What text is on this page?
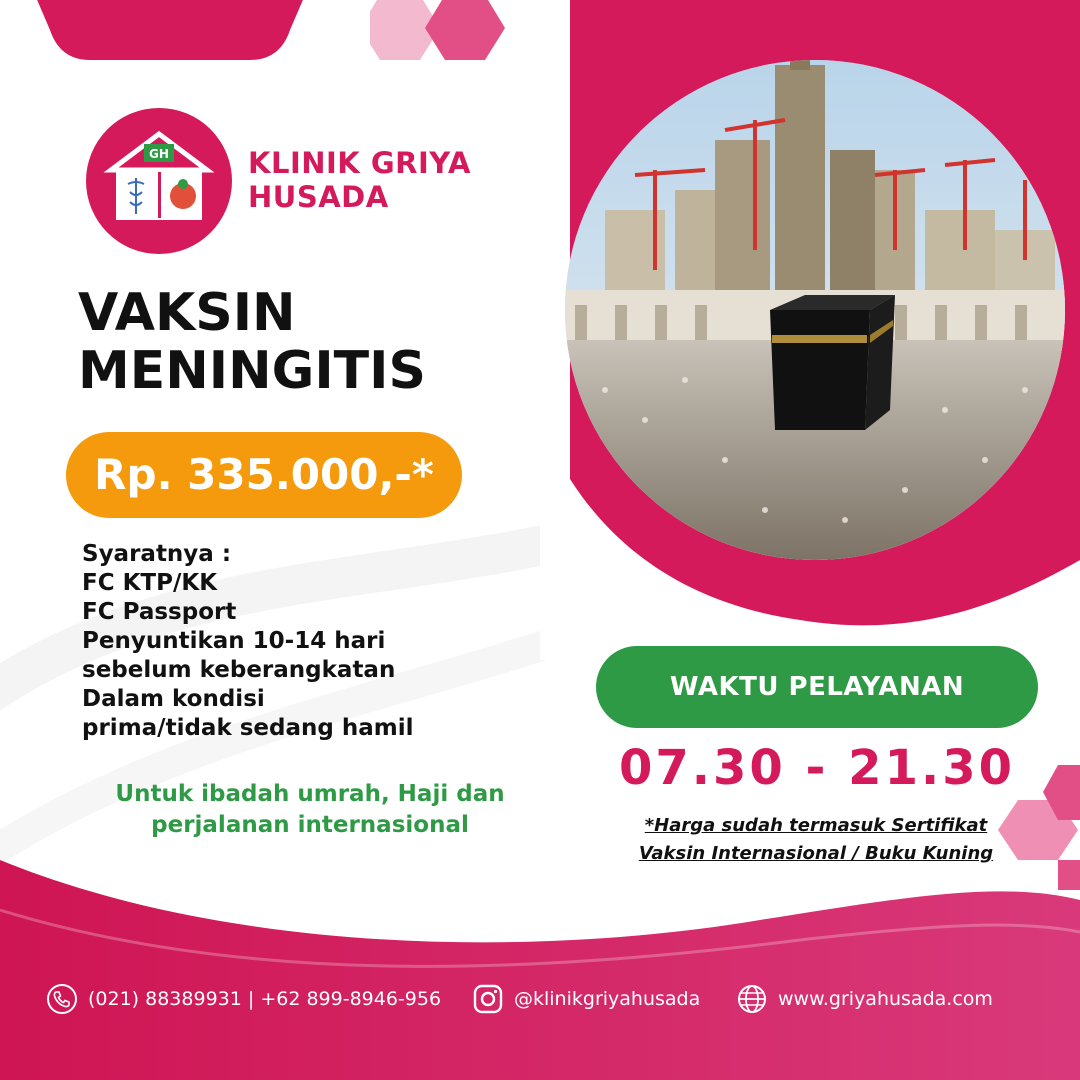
GH	KLINIK GRIYA
HUSADA
VAKSIN
MENINGITIS
Rp. 335.000,-*
Syaratnya :
FC KTP/KK
FC Passport
Penyuntikan 10-14 hari
sebelum keberangkatan
Dalam kondisi
prima/tidak sedang hamil
Untuk ibadah umrah, Haji dan
perjalanan internasional
WAKTU PELAYANAN
07.30 - 21.30
*Harga sudah termasuk Sertifikat
Vaksin Internasional / Buku Kuning
(021) 88389931 | +62 899-8946-956	@klinikgriyahusada	www.griyahusada.com
